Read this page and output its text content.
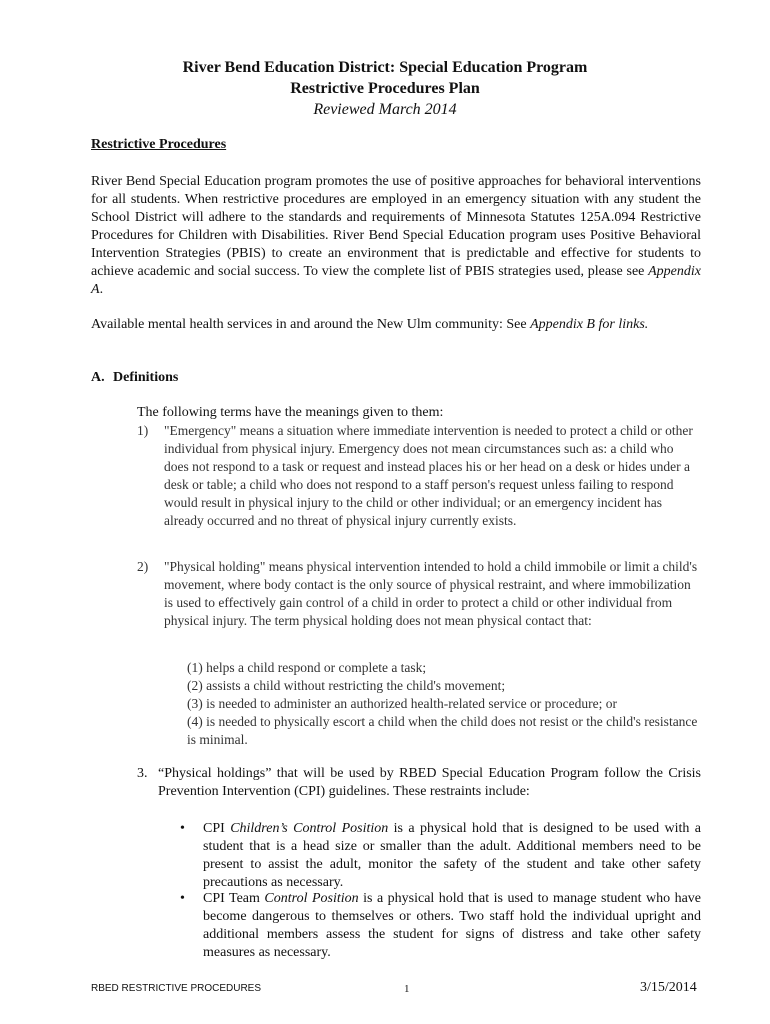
River Bend Education District: Special Education Program
Restrictive Procedures Plan
Reviewed March 2014
Restrictive Procedures

River Bend Special Education program promotes the use of positive approaches for behavioral interventions for all students. When restrictive procedures are employed in an emergency situation with any student the School District will adhere to the standards and requirements of Minnesota Statutes 125A.094 Restrictive Procedures for Children with Disabilities. River Bend Special Education program uses Positive Behavioral Intervention Strategies (PBIS) to create an environment that is predictable and effective for students to achieve academic and social success. To view the complete list of PBIS strategies used, please see Appendix A.

Available mental health services in and around the New Ulm community: See Appendix B for links.

A. Definitions
The following terms have the meanings given to them:
1) "Emergency" means a situation where immediate intervention is needed to protect a child or other individual from physical injury. Emergency does not mean circumstances such as: a child who does not respond to a task or request and instead places his or her head on a desk or hides under a desk or table; a child who does not respond to a staff person's request unless failing to respond would result in physical injury to the child or other individual; or an emergency incident has already occurred and no threat of physical injury currently exists.
2) "Physical holding" means physical intervention intended to hold a child immobile or limit a child's movement, where body contact is the only source of physical restraint, and where immobilization is used to effectively gain control of a child in order to protect a child or other individual from physical injury. The term physical holding does not mean physical contact that:
(1) helps a child respond or complete a task;
(2) assists a child without restricting the child's movement;
(3) is needed to administer an authorized health-related service or procedure; or
(4) is needed to physically escort a child when the child does not resist or the child's resistance is minimal.
3. “Physical holdings” that will be used by RBED Special Education Program follow the Crisis Prevention Intervention (CPI) guidelines. These restraints include:
• CPI Children’s Control Position is a physical hold that is designed to be used with a student that is a head size or smaller than the adult. Additional members need to be present to assist the adult, monitor the safety of the student and take other safety precautions as necessary.
• CPI Team Control Position is a physical hold that is used to manage student who have become dangerous to themselves or others. Two staff hold the individual upright and additional members assess the student for signs of distress and take other safety measures as necessary.
RBED RESTRICTIVE PROCEDURES	1	3/15/2014
